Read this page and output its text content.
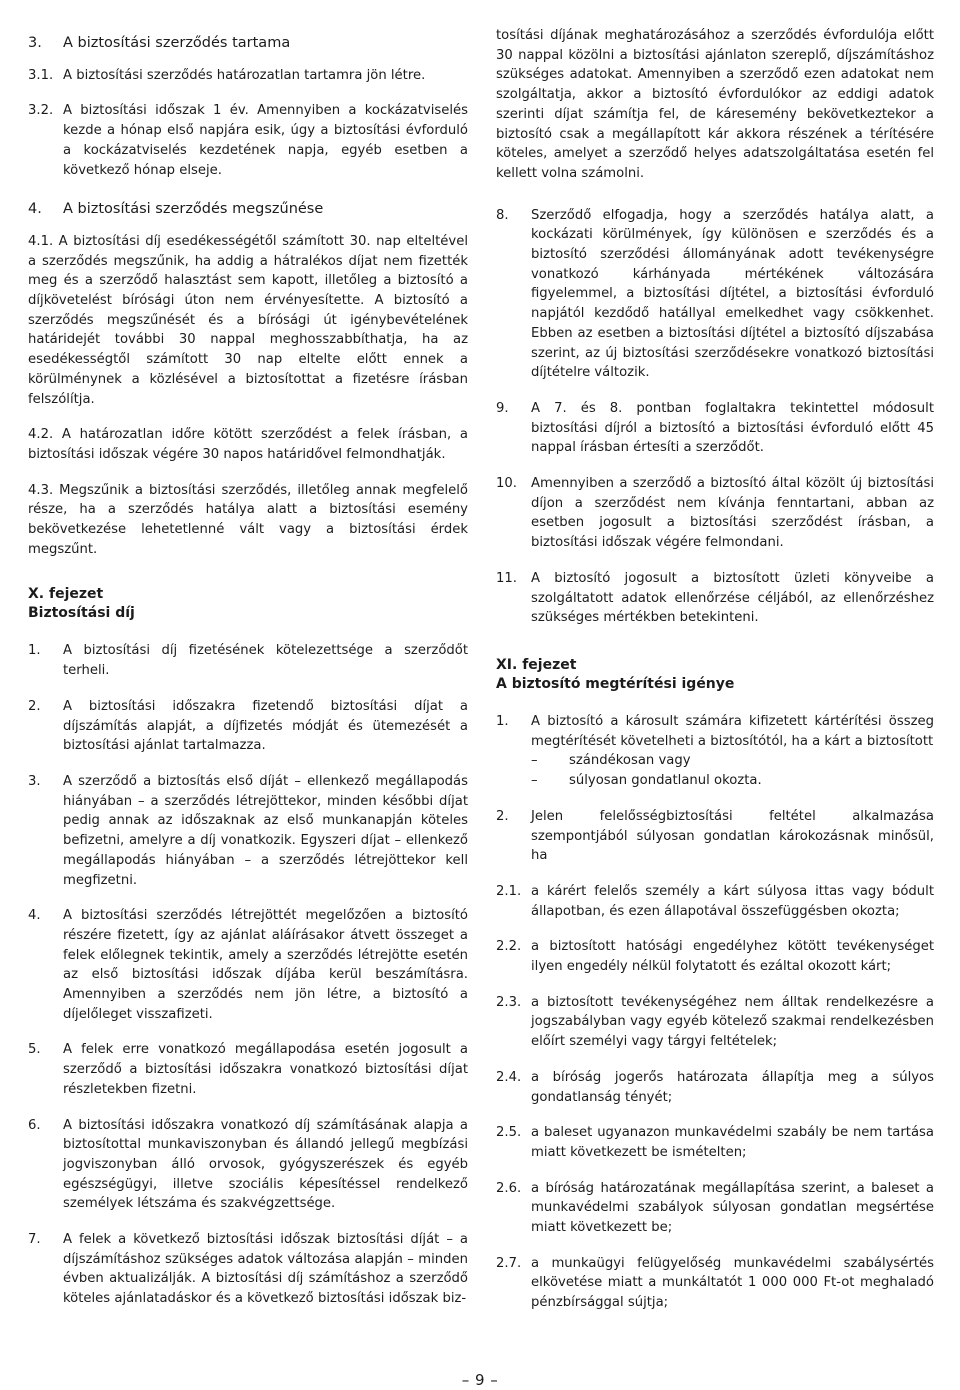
3.	A biztosítási szerződés tartama
3.1. A biztosítási szerződés határozatlan tartamra jön létre.
3.2. A biztosítási időszak 1 év. Amennyiben a kockázatviselés kezde a hónap első napjára esik, úgy a biztosítási évforduló a kockázatviselés kezdetének napja, egyéb esetben a következő hónap elseje.
4.	A biztosítási szerződés megszűnése
4.1. A biztosítási díj esedékességétől számított 30. nap elteltével a szerződés megszűnik, ha addig a hátralékos díjat nem fizették meg és a szerződő halasztást sem kapott, illetőleg a biztosító a díjkövetelést bírósági úton nem érvényesítette. A biztosító a szerződés megszűnését és a bírósági út igénybevételének határidejét további 30 nappal meghosszabbíthatja, ha az esedékességtől számított 30 nap eltelte előtt ennek a körülménynek a közlésével a biztosítottat a fizetésre írásban felszólítja.
4.2. A határozatlan időre kötött szerződést a felek írásban, a biztosítási időszak végére 30 napos határidővel felmondhatják.
4.3. Megszűnik a biztosítási szerződés, illetőleg annak megfelelő része, ha a szerződés hatálya alatt a biztosítási esemény bekövetkezése lehetetlenné vált vagy a biztosítási érdek megszűnt.
X. fejezet
Biztosítási díj
1.	A biztosítási díj fizetésének kötelezettsége a szerződőt terheli.
2.	A biztosítási időszakra fizetendő biztosítási díjat a díjszámítás alapját, a díjfizetés módját és ütemezését a biztosítási ajánlat tartalmazza.
3.	A szerződő a biztosítás első díját – ellenkező megállapodás hiányában – a szerződés létrejöttekor, minden későbbi díjat pedig annak az időszaknak az első munkanapján köteles befizetni, amelyre a díj vonatkozik. Egyszeri díjat – ellenkező megállapodás hiányában – a szerződés létrejöttekor kell megfizetni.
4.	A biztosítási szerződés létrejöttét megelőzően a biztosító részére fizetett, így az ajánlat aláírásakor átvett összeget a felek előlegnek tekintik, amely a szerződés létrejötte esetén az első biztosítási időszak díjába kerül beszámításra. Amennyiben a szerződés nem jön létre, a biztosító a díjelőleget visszafizeti.
5.	A felek erre vonatkozó megállapodása esetén jogosult a szerződő a biztosítási időszakra vonatkozó biztosítási díjat részletekben fizetni.
6.	A biztosítási időszakra vonatkozó díj számításának alapja a biztosítottal munkaviszonyban és állandó jellegű megbízási jogviszonyban álló orvosok, gyógyszerészek és egyéb egészségügyi, illetve szociális képesítéssel rendelkező személyek létszáma és szakvégzettsége.
7.	A felek a következő biztosítási időszak biztosítási díját – a díjszámításhoz szükséges adatok változása alapján – minden évben aktualizálják. A biztosítási díj számításhoz a szerződő köteles ajánlatadáskor és a következő biztosítási időszak biz-
tosítási díjának meghatározásához a szerződés évfordulója előtt 30 nappal közölni a biztosítási ajánlaton szereplő, díjszámításhoz szükséges adatokat. Amennyiben a szerződő ezen adatokat nem szolgáltatja, akkor a biztosító évfordulókor az eddigi adatok szerinti díjat számítja fel, de káresemény bekövetkeztekor a biztosító csak a megállapított kár akkora részének a térítésére köteles, amelyet a szerződő helyes adatszolgáltatása esetén fel kellett volna számolni.
8.	Szerződő elfogadja, hogy a szerződés hatálya alatt, a kockázati körülmények, így különösen e szerződés és a biztosító szerződési állományának adott tevékenységre vonatkozó kárhányada mértékének változására figyelemmel, a biztosítási díjtétel, a biztosítási évforduló napjától kezdődő hatállyal emelkedhet vagy csökkenhet. Ebben az esetben a biztosítási díjtétel a biztosító díjszabása szerint, az új biztosítási szerződésekre vonatkozó biztosítási díjtételre változik.
9.	A 7. és 8. pontban foglaltakra tekintettel módosult biztosítási díjról a biztosító a biztosítási évforduló előtt 45 nappal írásban értesíti a szerződőt.
10.	Amennyiben a szerződő a biztosító által közölt új biztosítási díjon a szerződést nem kívánja fenntartani, abban az esetben jogosult a biztosítási szerződést írásban, a biztosítási időszak végére felmondani.
11.	A biztosító jogosult a biztosított üzleti könyveibe a szolgáltatott adatok ellenőrzése céljából, az ellenőrzéshez szükséges mértékben betekinteni.
XI. fejezet
A biztosító megtérítési igénye
1.	A biztosító a károsult számára kifizetett kártérítési összeg megtérítését követelheti a biztosítótól, ha a kárt a biztosított
–	szándékosan vagy
–	súlyosan gondatlanul okozta.
2.	Jelen felelősségbiztosítási feltétel alkalmazása szempontjából súlyosan gondatlan károkozásnak minősül, ha
2.1. a kárért felelős személy a kárt súlyosa ittas vagy bódult állapotban, és ezen állapotával összefüggésben okozta;
2.2. a biztosított hatósági engedélyhez kötött tevékenységet ilyen engedély nélkül folytatott és ezáltal okozott kárt;
2.3. a biztosított tevékenységéhez nem álltak rendelkezésre a jogszabályban vagy egyéb kötelező szakmai rendelkezésben előírt személyi vagy tárgyi feltételek;
2.4. a bíróság jogerős határozata állapítja meg a súlyos gondatlanság tényét;
2.5. a baleset ugyanazon munkavédelmi szabály be nem tartása miatt következett be ismételten;
2.6. a bíróság határozatának megállapítása szerint, a baleset a munkavédelmi szabályok súlyosan gondatlan megsértése miatt következett be;
2.7. a munkaügyi felügyelőség munkavédelmi szabálysértés elkövetése miatt a munkáltatót 1 000 000 Ft-ot meghaladó pénzbírsággal sújtja;
– 9 –
